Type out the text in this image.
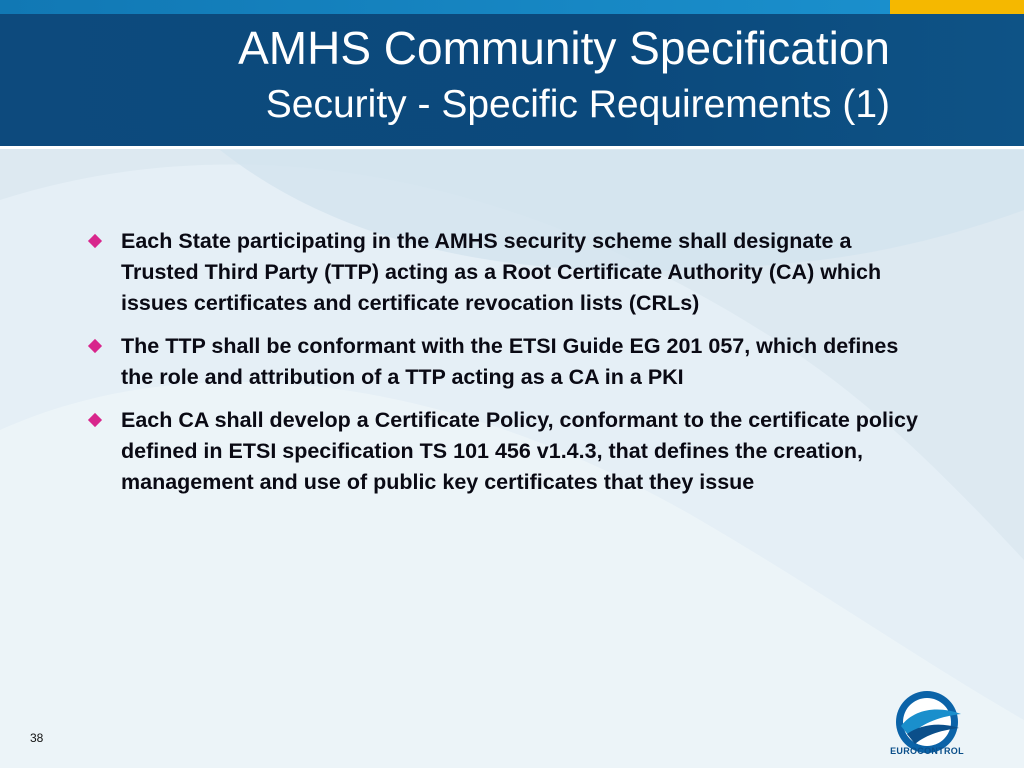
AMHS Community Specification
Security - Specific Requirements (1)
Each State participating in the AMHS security scheme shall designate a Trusted Third Party (TTP) acting as a Root Certificate Authority (CA) which issues certificates and certificate revocation lists (CRLs)
The TTP shall be conformant with the ETSI Guide EG 201 057, which defines the role and attribution of a TTP acting as a CA in a PKI
Each CA shall develop a Certificate Policy, conformant to the certificate policy defined in ETSI specification TS 101 456 v1.4.3, that defines the creation, management and use of public key certificates that they issue
38
EUROCONTROL
